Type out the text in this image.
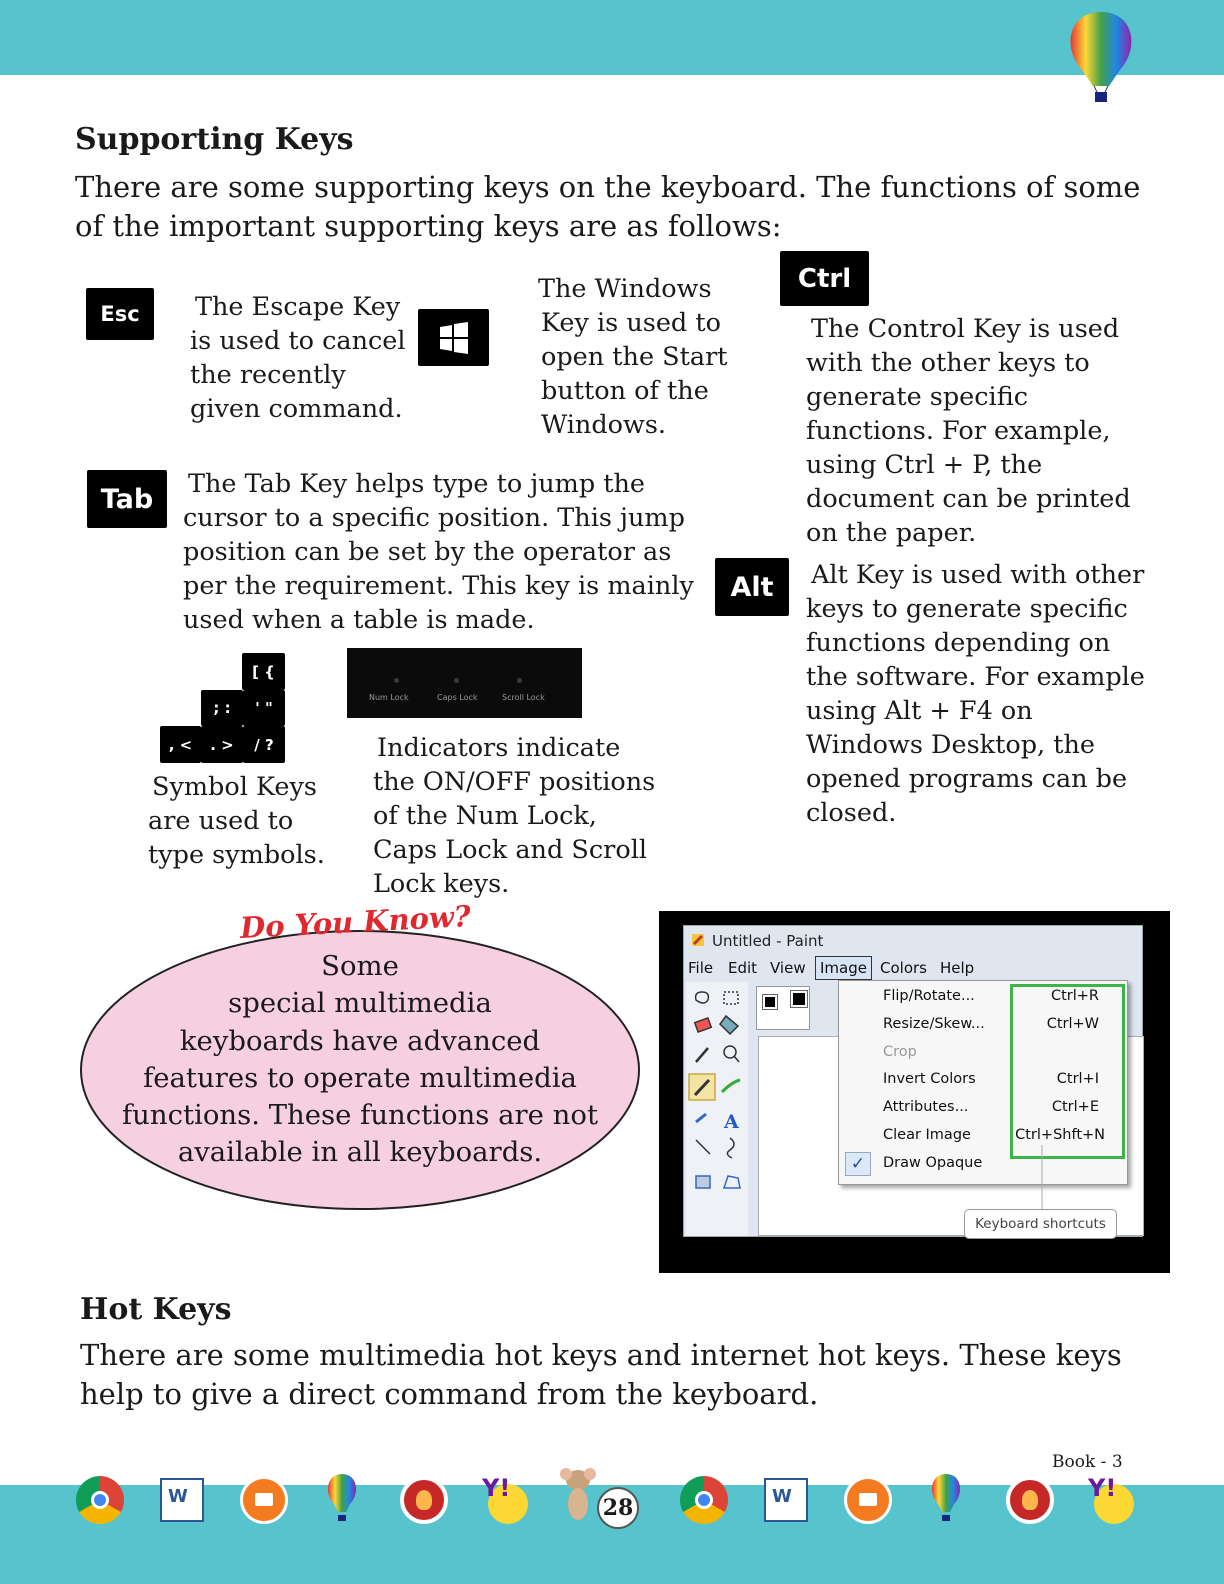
Supporting Keys
There are some supporting keys on the keyboard. The functions of some of the important supporting keys are as follows:
Esc	The Escape Key
is used to cancel
the recently
given command.
The Windows
Key is used to
open the Start
button of the
Windows.
Ctrl
The Control Key is used
with the other keys to
generate specific
functions. For example,
using Ctrl + P, the
document can be printed
on the paper.
Tab	The Tab Key helps type to jump the
cursor to a specific position. This jump
position can be set by the operator as
per the requirement. This key is mainly
used when a table is made.
Alt	Alt Key is used with other
keys to generate specific
functions depending on
the software. For example
using Alt + F4 on
Windows Desktop, the
opened programs can be
closed.
[ {
; :	' "
, <	. >	/ ?
Symbol Keys
are used to
type symbols.
Num Lock	Caps Lock	Scroll Lock
Indicators indicate
the ON/OFF positions
of the Num Lock,
Caps Lock and Scroll
Lock keys.
Do You Know?
Some
special multimedia
keyboards have advanced
features to operate multimedia
functions. These functions are not
available in all keyboards.
Untitled - Paint
File Edit View Image Colors Help
A
Flip/Rotate...	Ctrl+R
Resize/Skew...	Ctrl+W
Crop
Invert Colors	Ctrl+I
Attributes...	Ctrl+E
Clear Image	Ctrl+Shft+N
✓	Draw Opaque
Keyboard shortcuts
Hot Keys
There are some multimedia hot keys and internet hot keys. These keys help to give a direct command from the keyboard.
Book - 3
W	Y!
28	W	Y!
